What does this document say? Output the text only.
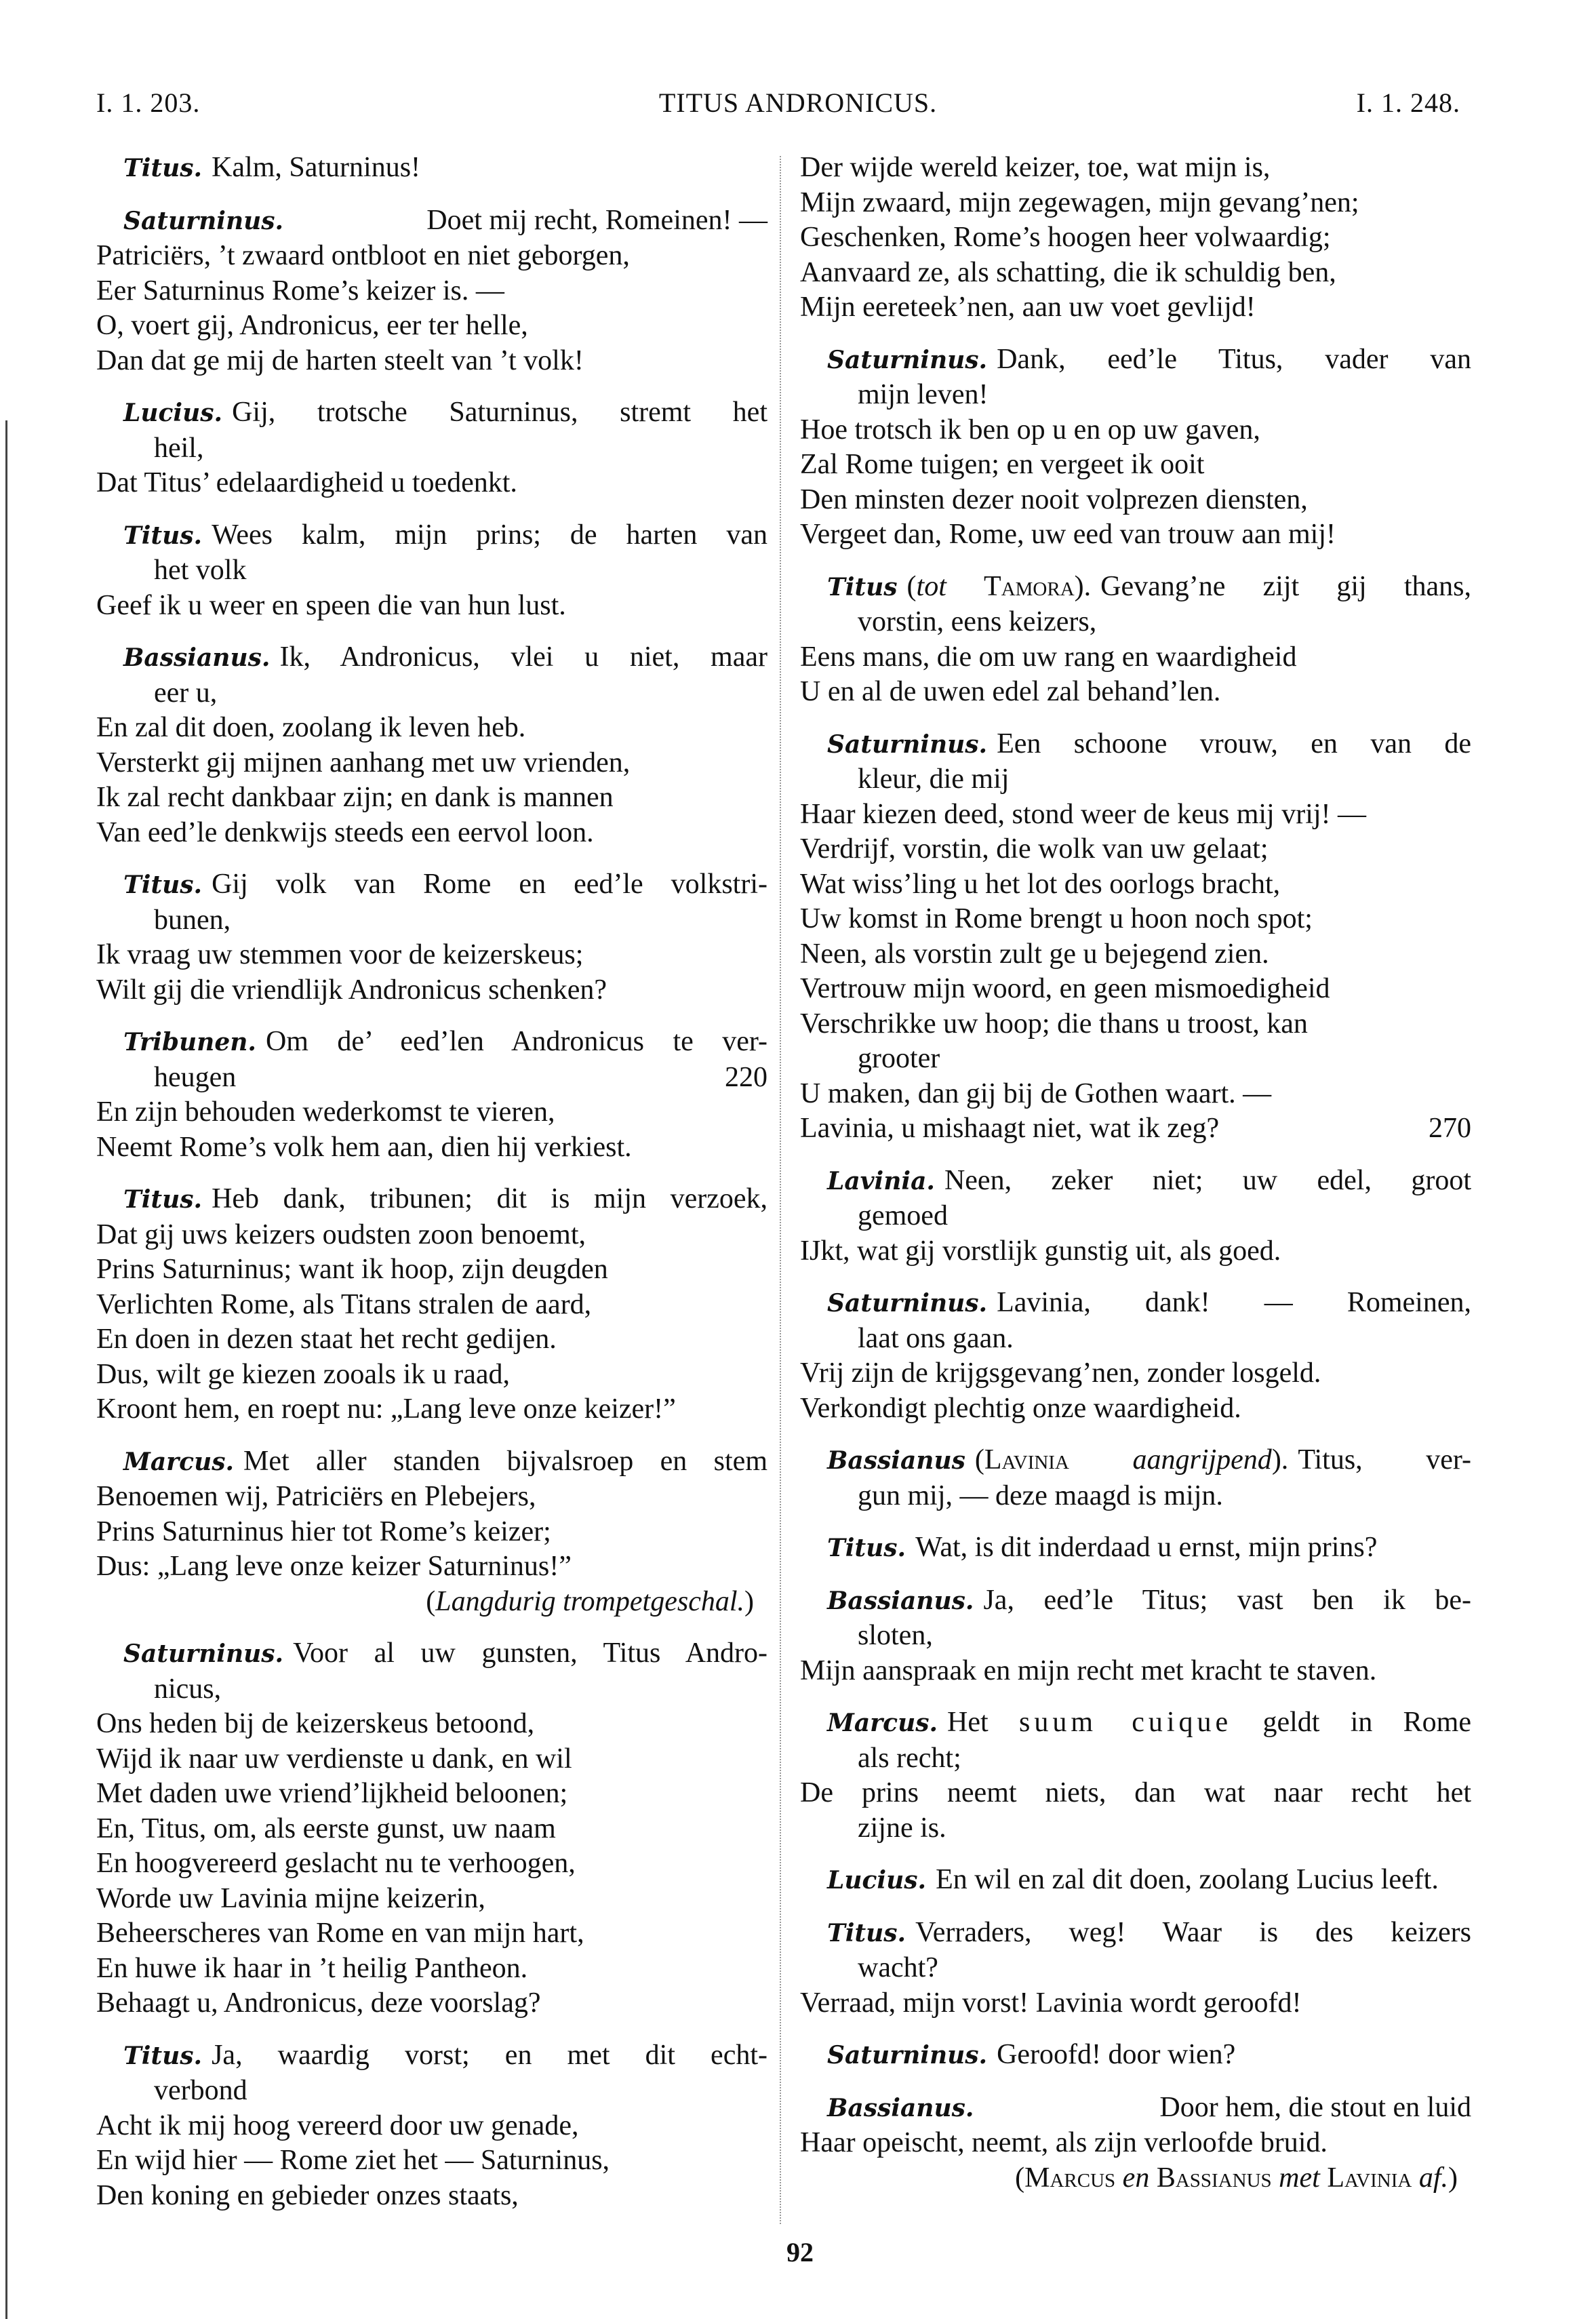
TITUS ANDRONICUS.
I. 1. 203.	I. 1. 248.
Titus. Kalm, Saturninus!
Saturninus.	Doet mij recht, Romeinen! —
Patriciërs, ’t zwaard ontbloot en niet geborgen,
Eer Saturninus Rome’s keizer is. —
O, voert gij, Andronicus, eer ter helle,
Dan dat ge mij de harten steelt van ’t volk!
Lucius. Gij, trotsche Saturninus, stremt het
heil,
Dat Titus’ edelaardigheid u toedenkt.
Titus. Wees kalm, mijn prins; de harten van
het volk
Geef ik u weer en speen die van hun lust.
Bassianus. Ik, Andronicus, vlei u niet, maar
eer u,
En zal dit doen, zoolang ik leven heb.
Versterkt gij mijnen aanhang met uw vrienden,
Ik zal recht dankbaar zijn; en dank is mannen
Van eed’le denkwijs steeds een eervol loon.
Titus. Gij volk van Rome en eed’le volkstri-
bunen,
Ik vraag uw stemmen voor de keizerskeus;
Wilt gij die vriendlijk Andronicus schenken?
Tribunen. Om de’ eed’len Andronicus te ver-
heugen	220
En zijn behouden wederkomst te vieren,
Neemt Rome’s volk hem aan, dien hij verkiest.
Titus. Heb dank, tribunen; dit is mijn verzoek,
Dat gij uws keizers oudsten zoon benoemt,
Prins Saturninus; want ik hoop, zijn deugden
Verlichten Rome, als Titans stralen de aard,
En doen in dezen staat het recht gedijen.
Dus, wilt ge kiezen zooals ik u raad,
Kroont hem, en roept nu: „Lang leve onze keizer!”
Marcus. Met aller standen bijvalsroep en stem
Benoemen wij, Patriciërs en Plebejers,
Prins Saturninus hier tot Rome’s keizer;
Dus: „Lang leve onze keizer Saturninus!”
(Langdurig trompetgeschal.)
Saturninus. Voor al uw gunsten, Titus Andro-
nicus,
Ons heden bij de keizerskeus betoond,
Wijd ik naar uw verdienste u dank, en wil
Met daden uwe vriend’lijkheid beloonen;
En, Titus, om, als eerste gunst, uw naam
En hoogvereerd geslacht nu te verhoogen,
Worde uw Lavinia mijne keizerin,
Beheerscheres van Rome en van mijn hart,
En huwe ik haar in ’t heilig Pantheon.
Behaagt u, Andronicus, deze voorslag?
Titus. Ja, waardig vorst; en met dit echt-
verbond
Acht ik mij hoog vereerd door uw genade,
En wijd hier — Rome ziet het — Saturninus,
Den koning en gebieder onzes staats,
Der wijde wereld keizer, toe, wat mijn is,
Mijn zwaard, mijn zegewagen, mijn gevang’nen;
Geschenken, Rome’s hoogen heer volwaardig;
Aanvaard ze, als schatting, die ik schuldig ben,
Mijn eereteek’nen, aan uw voet gevlijd!
Saturninus. Dank, eed’le Titus, vader van
mijn leven!
Hoe trotsch ik ben op u en op uw gaven,
Zal Rome tuigen; en vergeet ik ooit
Den minsten dezer nooit volprezen diensten,
Vergeet dan, Rome, uw eed van trouw aan mij!
Titus (tot Tamora). Gevang’ne zijt gij thans,
vorstin, eens keizers,
Eens mans, die om uw rang en waardigheid
U en al de uwen edel zal behand’len.
Saturninus. Een schoone vrouw, en van de
kleur, die mij
Haar kiezen deed, stond weer de keus mij vrij! —
Verdrijf, vorstin, die wolk van uw gelaat;
Wat wiss’ling u het lot des oorlogs bracht,
Uw komst in Rome brengt u hoon noch spot;
Neen, als vorstin zult ge u bejegend zien.
Vertrouw mijn woord, en geen mismoedigheid
Verschrikke uw hoop; die thans u troost, kan
grooter
U maken, dan gij bij de Gothen waart. —
Lavinia, u mishaagt niet, wat ik zeg?	270
Lavinia. Neen, zeker niet; uw edel, groot
gemoed
IJkt, wat gij vorstlijk gunstig uit, als goed.
Saturninus. Lavinia, dank! — Romeinen,
laat ons gaan.
Vrij zijn de krijgsgevang’nen, zonder losgeld.
Verkondigt plechtig onze waardigheid.
Bassianus (Lavinia aangrijpend). Titus, ver-
gun mij, — deze maagd is mijn.
Titus. Wat, is dit inderdaad u ernst, mijn prins?
Bassianus. Ja, eed’le Titus; vast ben ik be-
sloten,
Mijn aanspraak en mijn recht met kracht te staven.
Marcus. Het suum cuique geldt in Rome
als recht;
De prins neemt niets, dan wat naar recht het
zijne is.
Lucius. En wil en zal dit doen, zoolang Lucius leeft.
Titus. Verraders, weg! Waar is des keizers
wacht?
Verraad, mijn vorst! Lavinia wordt geroofd!
Saturninus. Geroofd! door wien?
Bassianus.	Door hem, die stout en luid
Haar opeischt, neemt, als zijn verloofde bruid.
(Marcus en Bassianus met Lavinia af.)
92
